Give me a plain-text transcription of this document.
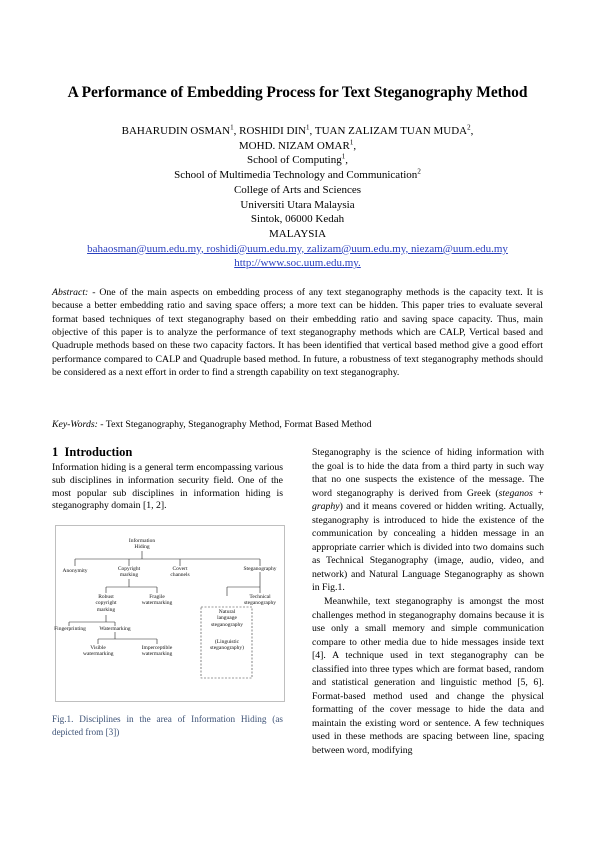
A Performance of Embedding Process for Text Steganography Method
BAHARUDIN OSMAN$^1$, ROSHIDI DIN$^1$, TUAN ZALIZAM TUAN MUDA$^2$,
MOHD. NIZAM OMAR$^1$,
School of Computing$^1$,
School of Multimedia Technology and Communication$^2$
College of Arts and Sciences
Universiti Utara Malaysia
Sintok, 06000 Kedah
MALAYSIA
bahaosman@uum.edu.my, roshidi@uum.edu.my, zalizam@uum.edu.my, niezam@uum.edu.my
http://www.soc.uum.edu.my.
Abstract: - One of the main aspects on embedding process of any text steganography methods is the capacity text. It is because a better embedding ratio and saving space offers; a more text can be hidden. This paper tries to evaluate several format based techniques of text steganography based on their embedding ratio and saving space capacity. Thus, main objective of this paper is to analyze the performance of text steganography methods which are CALP, Vertical based and Quadruple methods based on these two capacity factors. It has been identified that vertical based method give a good effort performance compared to CALP and Quadruple based method. In future, a robustness of text steganography methods should be considered as a next effort in order to find a strength capability on text steganography.
Key-Words: - Text Steganography, Steganography Method, Format Based Method
1 Introduction
Information hiding is a general term encompassing various sub disciplines in information security field. One of the most popular sub disciplines in information hiding is steganography domain [1, 2].
Information
Hiding
Anonymity	Copyright
marking
Covert
channels
Steganography
Robust
copyright
marking
Fragile
watermarking
Natural
language
steganography
Technical
steganography
Fingerprinting Watermarking
(Linguistic
steganography)
Visible
watermarking
Imperceptible
watermarking
Fig.1. Disciplines in the area of Information Hiding (as depicted from [3])

Steganography is the science of hiding information with the goal is to hide the data from a third party in such way that no one suspects the existence of the message. The word steganography is derived from Greek (steganos + graphy) and it means covered or hidden writing. Actually, steganography is introduced to hide the existence of the communication by concealing a hidden message in an appropriate carrier which is divided into two domains such as Technical Steganography (image, audio, video, and network) and Natural Language Steganography as shown in Fig.1.

Meanwhile, text steganography is amongst the most challenges method in steganography domains because it is use only a small memory and simple communication compare to other media due to hide messages inside text [4]. A technique used in text steganography can be classified into three types which are format based, random and statistical generation and linguistic method [5, 6]. Format-based method used and change the physical formatting of the cover message to hide the data and maintain the existing word or sentence. A few techniques used in these methods are spacing between line, spacing between word, modifying
